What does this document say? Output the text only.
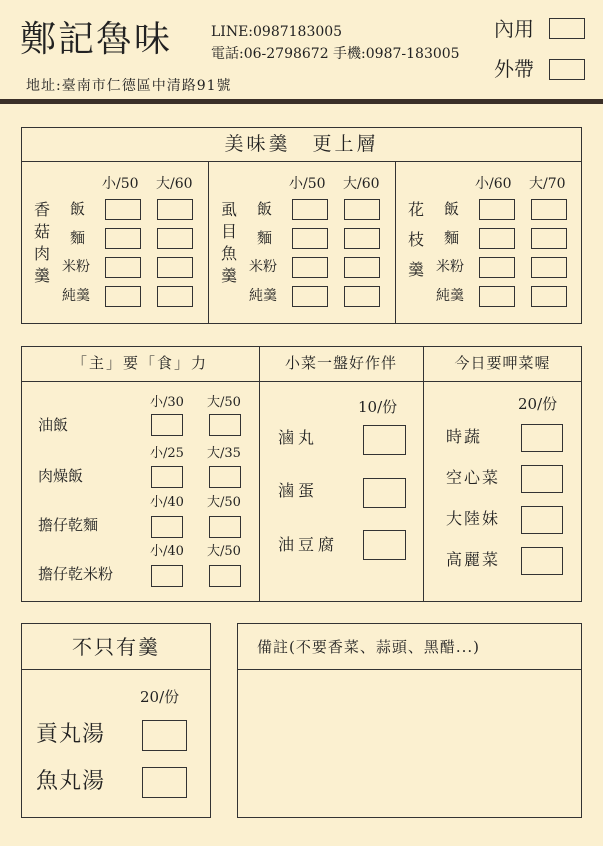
鄭記魯味	LINE:0987183005
電話:06-2798672 手機:0987-183005
地址:臺南市仁德區中清路91號
內用
外帶
美味羹　更上層
小/50 大/60
香
菇
肉
羹
飯
麵
米粉
純羹
小/50 大/60
虱
目
魚
羹
飯
麵
米粉
純羹
小/60 大/70
花
枝
羹
飯
麵
米粉
純羹
「主」要「食」力
小/30 大/50
油飯
小/25 大/35
肉燥飯
小/40 大/50
擔仔乾麵
小/40 大/50
擔仔乾米粉
小菜一盤好作伴
10/份
滷丸
滷蛋
油豆腐
今日要呷菜喔
20/份
時蔬
空心菜
大陸妹
高麗菜
不只有羹
20/份
貢丸湯
魚丸湯
備註(不要香菜、蒜頭、黑醋...)
